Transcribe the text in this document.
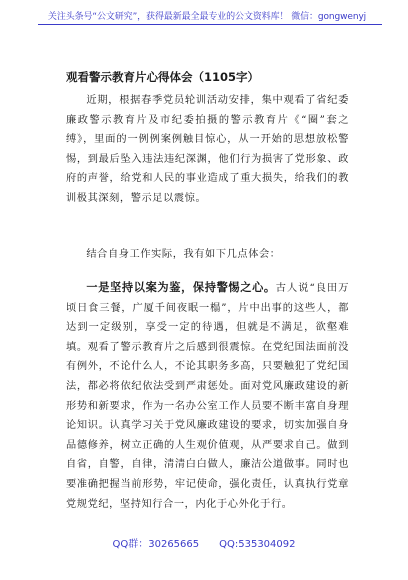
关注头条号“公文研究”，获得最新最全最专业的公文资料库！ 微信：gongwenyj
观看警示教育片心得体会（1105字）

近期，根据春季党员轮训活动安排，集中观看了省纪委廉政警示教育片及市纪委拍摄的警示教育片《“圈”套之缚》，里面的一例例案例触目惊心，从一开始的思想放松警惕，到最后坠入违法违纪深渊，他们行为损害了党形象、政府的声誉，给党和人民的事业造成了重大损失，给我们的教训极其深刻，警示足以震惊。

结合自身工作实际，我有如下几点体会：

一是坚持以案为鉴，保持警惕之心。古人说“良田万顷日食三餐，广厦千间夜眠一榻”，片中出事的这些人，都达到一定级别，享受一定的待遇，但就是不满足，欲壑难填。观看了警示教育片之后感到很震惊。在党纪国法面前没有例外，不论什么人，不论其职务多高，只要触犯了党纪国法，都必将依纪依法受到严肃惩处。面对党风廉政建设的新形势和新要求，作为一名办公室工作人员要不断丰富自身理论知识。认真学习关于党风廉政建设的要求，切实加强自身品德修养，树立正确的人生观价值观，从严要求自己。做到自省，自警，自律，清清白白做人，廉洁公道做事。同时也要准确把握当前形势，牢记使命，强化责任，认真执行党章党规党纪，坚持知行合一，内化于心外化于行。

QQ群：30265665 QQ:535304092
